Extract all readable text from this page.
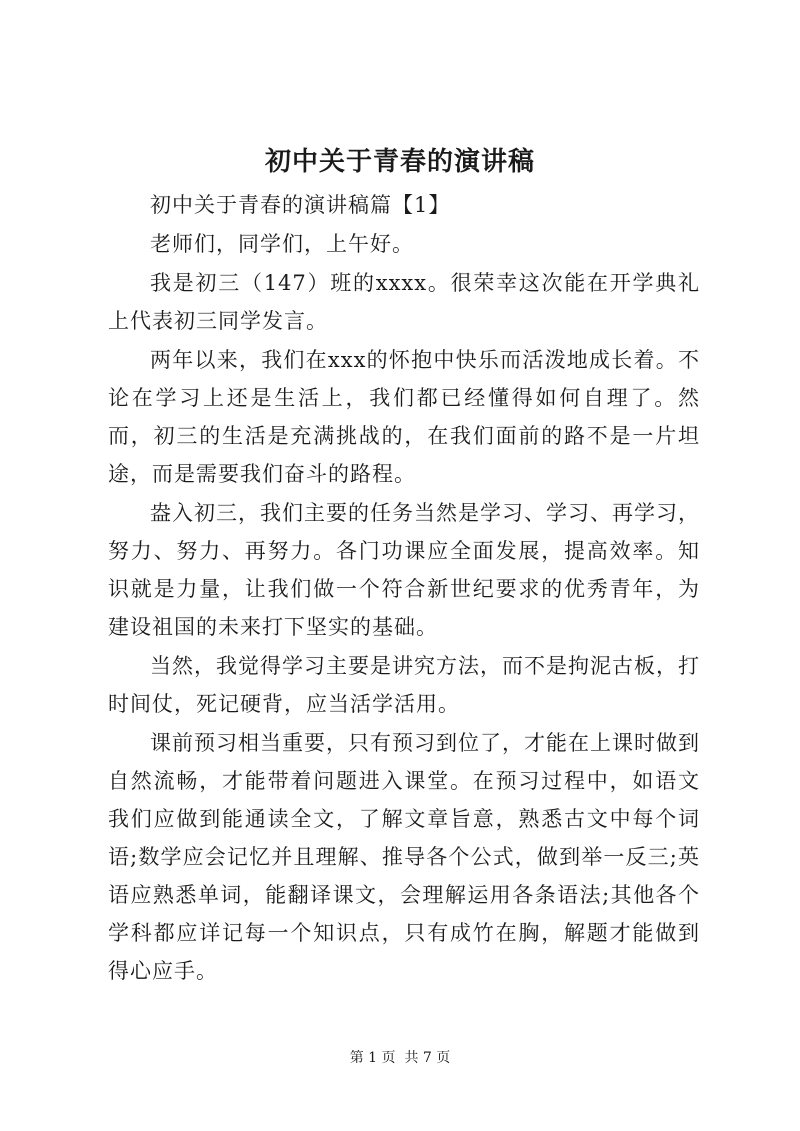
初中关于青春的演讲稿

初中关于青春的演讲稿篇【1】

老师们，同学们，上午好。

我是初三（147）班的xxxx。很荣幸这次能在开学典礼上代表初三同学发言。

两年以来，我们在xxx的怀抱中快乐而活泼地成长着。不论在学习上还是生活上，我们都已经懂得如何自理了。然而，初三的生活是充满挑战的，在我们面前的路不是一片坦途，而是需要我们奋斗的路程。

盎入初三，我们主要的任务当然是学习、学习、再学习，努力、努力、再努力。各门功课应全面发展，提高效率。知识就是力量，让我们做一个符合新世纪要求的优秀青年，为建设祖国的未来打下坚实的基础。

当然，我觉得学习主要是讲究方法，而不是拘泥古板，打时间仗，死记硬背，应当活学活用。

课前预习相当重要，只有预习到位了，才能在上课时做到自然流畅，才能带着问题进入课堂。在预习过程中，如语文我们应做到能通读全文，了解文章旨意，熟悉古文中每个词语;数学应会记忆并且理解、推导各个公式，做到举一反三;英语应熟悉单词，能翻译课文，会理解运用各条语法;其他各个学科都应详记每一个知识点，只有成竹在胸，解题才能做到得心应手。

第 1 页  共 7 页
